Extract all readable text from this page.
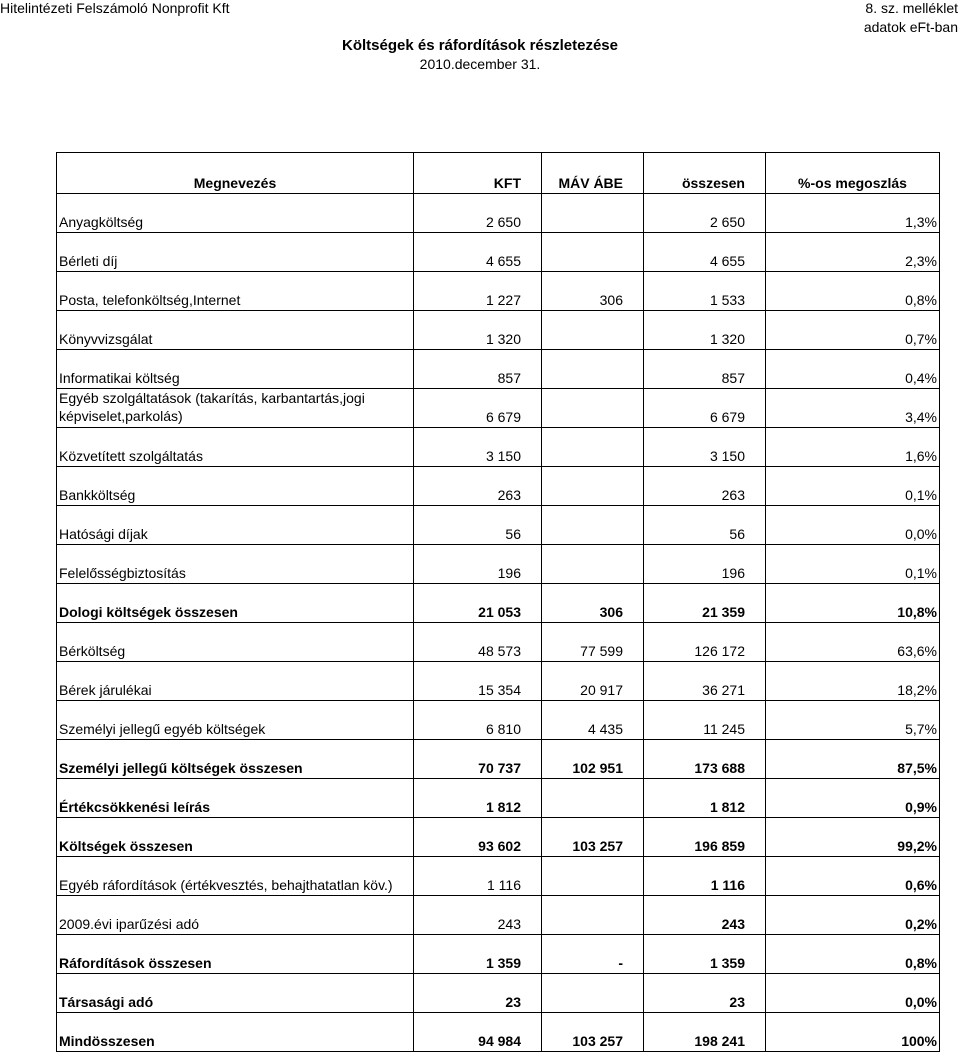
Hitelintézeti Felszámoló Nonprofit Kft	8. sz. melléklet
adatok eFt-ban
Költségek és ráfordítások részletezése
2010.december 31.
Megnevezés	KFT	MÁV ÁBE	összesen	%-os megoszlás
Anyagköltség	2 650		2 650	1,3%
Bérleti díj	4 655		4 655	2,3%
Posta, telefonköltség,Internet	1 227	306	1 533	0,8%
Könyvvizsgálat	1 320		1 320	0,7%
Informatikai költség	857		857	0,4%

Egyéb szolgáltatások (takarítás, karbantartás,jogi
képviselet,parkolás)	6 679		6 679	3,4%
Közvetített szolgáltatás	3 150		3 150	1,6%
Bankköltség	263		263	0,1%
Hatósági díjak	56		56	0,0%
Felelősségbiztosítás	196		196	0,1%
Dologi költségek összesen	21 053	306	21 359	10,8%
Bérköltség	48 573	77 599	126 172	63,6%
Bérek járulékai	15 354	20 917	36 271	18,2%
Személyi jellegű egyéb költségek	6 810	4 435	11 245	5,7%
Személyi jellegű költségek összesen	70 737	102 951	173 688	87,5%
Értékcsökkenési leírás	1 812		1 812	0,9%
Költségek összesen	93 602	103 257	196 859	99,2%
Egyéb ráfordítások (értékvesztés, behajthatatlan köv.)	1 116		1 116	0,6%
2009.évi iparűzési adó	243		243	0,2%
Ráfordítások összesen	1 359	-	1 359	0,8%
Társasági adó	23		23	0,0%
Mindösszesen	94 984	103 257	198 241	100%
